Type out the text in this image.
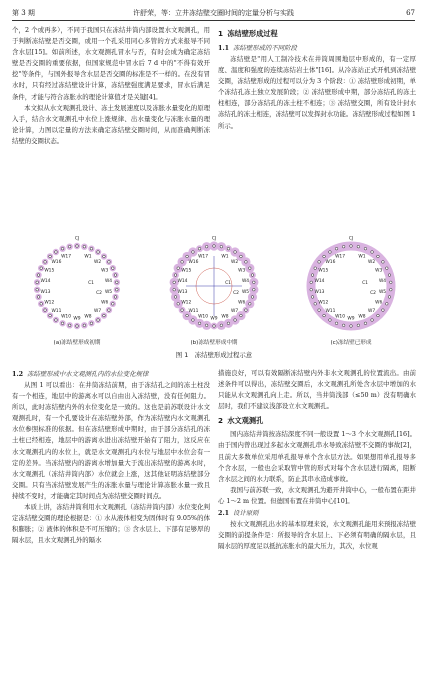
第 3 期	许舒荣，等：立井冻结壁交圈时间的定量分析与实践	67

个，2 个或再多），不同于我国只在冻结井筒内部设置水文观测孔，用于判断冻结壁是否交圈，或用一个孔采用同心多管的方式来报导不同含水层[15]。如前所述，水文观测孔冒水与否，有时会成为确定冻结壁是否交圈的重要依据，但国家规范中冒水后 7 d 中的"不得有效开挖"等条件，与国外报导含水层是否交圈的标准是不一样的。在没有冒水时，只有经过冻结壁设计计算，冻结壁强度满足要求，冒水后满足条件，才能与符合冻胀水的理论计算值才是关键[4]。

本文拟从水文观测孔设计、冻土发展速度以及冻胀水量变化的原理入手，结合水文观测孔中水位上涨规律、出水量变化与冻胀水量的理论计算，力图以定量的方法来确定冻结壁交圈时间，从而准确判断冻结壁的交圈状态。

1 冻结壁形成过程
1.1 冻结壁形成的不同阶段

冻结壁是"用人工制冷技术在井筒周围地层中形成的，有一定厚度、温度和强度的连续冻结岩土体"[16]。从冷冻站正式开机到冻结壁交圈，冻结壁形成的过程可以分为 3 个阶段：① 冻结壁形成初期，单个冻结孔冻土独立发展阶段；② 冻结壁形成中期，部分冻结孔的冻土柱相连，部分冻结孔的冻土柱不相连；③ 冻结壁交圈，所有设计封水冻结孔的冻土相连，冻结壁可以发挥封水功能。冻结壁形成过程如图 1 所示。

CJ
W1
W2
W3
W4
W5
W6
W7
W8
W9
W10
W11
W12
W13
W14
W15
W16
W17
C1
C2
(a)冻结壁形成初期
CJ
W1
W2
W3
W4
W5
W6
W7
W8
W9
W10
W11
W12
W13
W14
W15
W16
W17
C1
C2
(b)冻结壁形成中期
CJ
W1
W2
W3
W4
W5
W6
W7
W8
W9
W10
W11
W12
W13
W14
W15
W16
W17
C1
C2
(c)冻结壁已形成
图 1 冻结壁形成过程示意
1.2 冻结壁形成中水文观测孔内的水位变化规律

从图 1 可以看出：在井筒冻结前期，由于冻结孔之间的冻土柱没有一个相连，地层中的游离水可以自由出入冻结壁，没有任何阻力。所以，此时冻结壁内外的水位变化是一致的。这也是前苏联设计水文观测孔时，有一个孔要设计在冻结壁外部，作为冻结壁内水文观测孔水位参照标准的依据。但在冻结壁形成中期时，由于部分冻结孔的冻土柱已经相连，地层中的游离水进出冻结壁开始有了阻力，这反应在水文观测孔内的水位上，就是水文观测孔内水位与地层中水位会有一定的差异。当冻结壁内的游离水增加量大于流出冻结壁的游离水时，水文观测孔（冻结井筒内部）水位就会上涨，这其他证明冻结壁部分交圈。只有当冻结壁发展产生的冻胀水量与理论计算冻胀水量一致且持续不变时，才能确定其时间点为冻结壁交圈时间点。

本质上讲，冻结井筒利用水文观测孔（冻结井筒内部）水位变化判定冻结壁交圈的理论根据是：① 水从液体相变为固体时有 9.05%的体积膨胀；② 液体的体积是不可压缩的；③ 含水层上、下部有足够厚的隔水层，且水文观测孔外的隔水

措施良好，可以有效隔断冻结壁内外非水文观测孔的位置流出。由前述条件可以得出，冻结壁交圈后，水文观测孔所处含水层中增加的水只能从水文观测孔向上走。所以，当井筒浅部（≤50 m）没有明确水层时，我们不建议浅部设立水文观测孔。

2 水文观测孔

国内冻结井筒按冻结深度不同一般设置 1～3 个水文观测孔[16]。由于国内曾出现过多起水文观测孔串水导致冻结壁不交圈的事故[2]，且前大多数单位采用单孔报导单个含水层方法。如果想用单孔报导多个含水层，一般也会采取管中管的形式对每个含水层进行隔离，阻断含水层之间的水力联系，防止其串水造成事故。

我国与前苏联一致，水文观测孔为避开井筒中心，一般布置在距井心 1～2 m 位置。但德国布置在井筒中心[10]。

2.1 设计原则

按水文观测孔出水的基本原理来说，水文观测孔能用来预报冻结壁交圈的前提条件是：所报导的含水层上、下必须有明确的隔水层，且隔水层的厚度足以抵抗冻胀水的最大压力，其次，水位观
